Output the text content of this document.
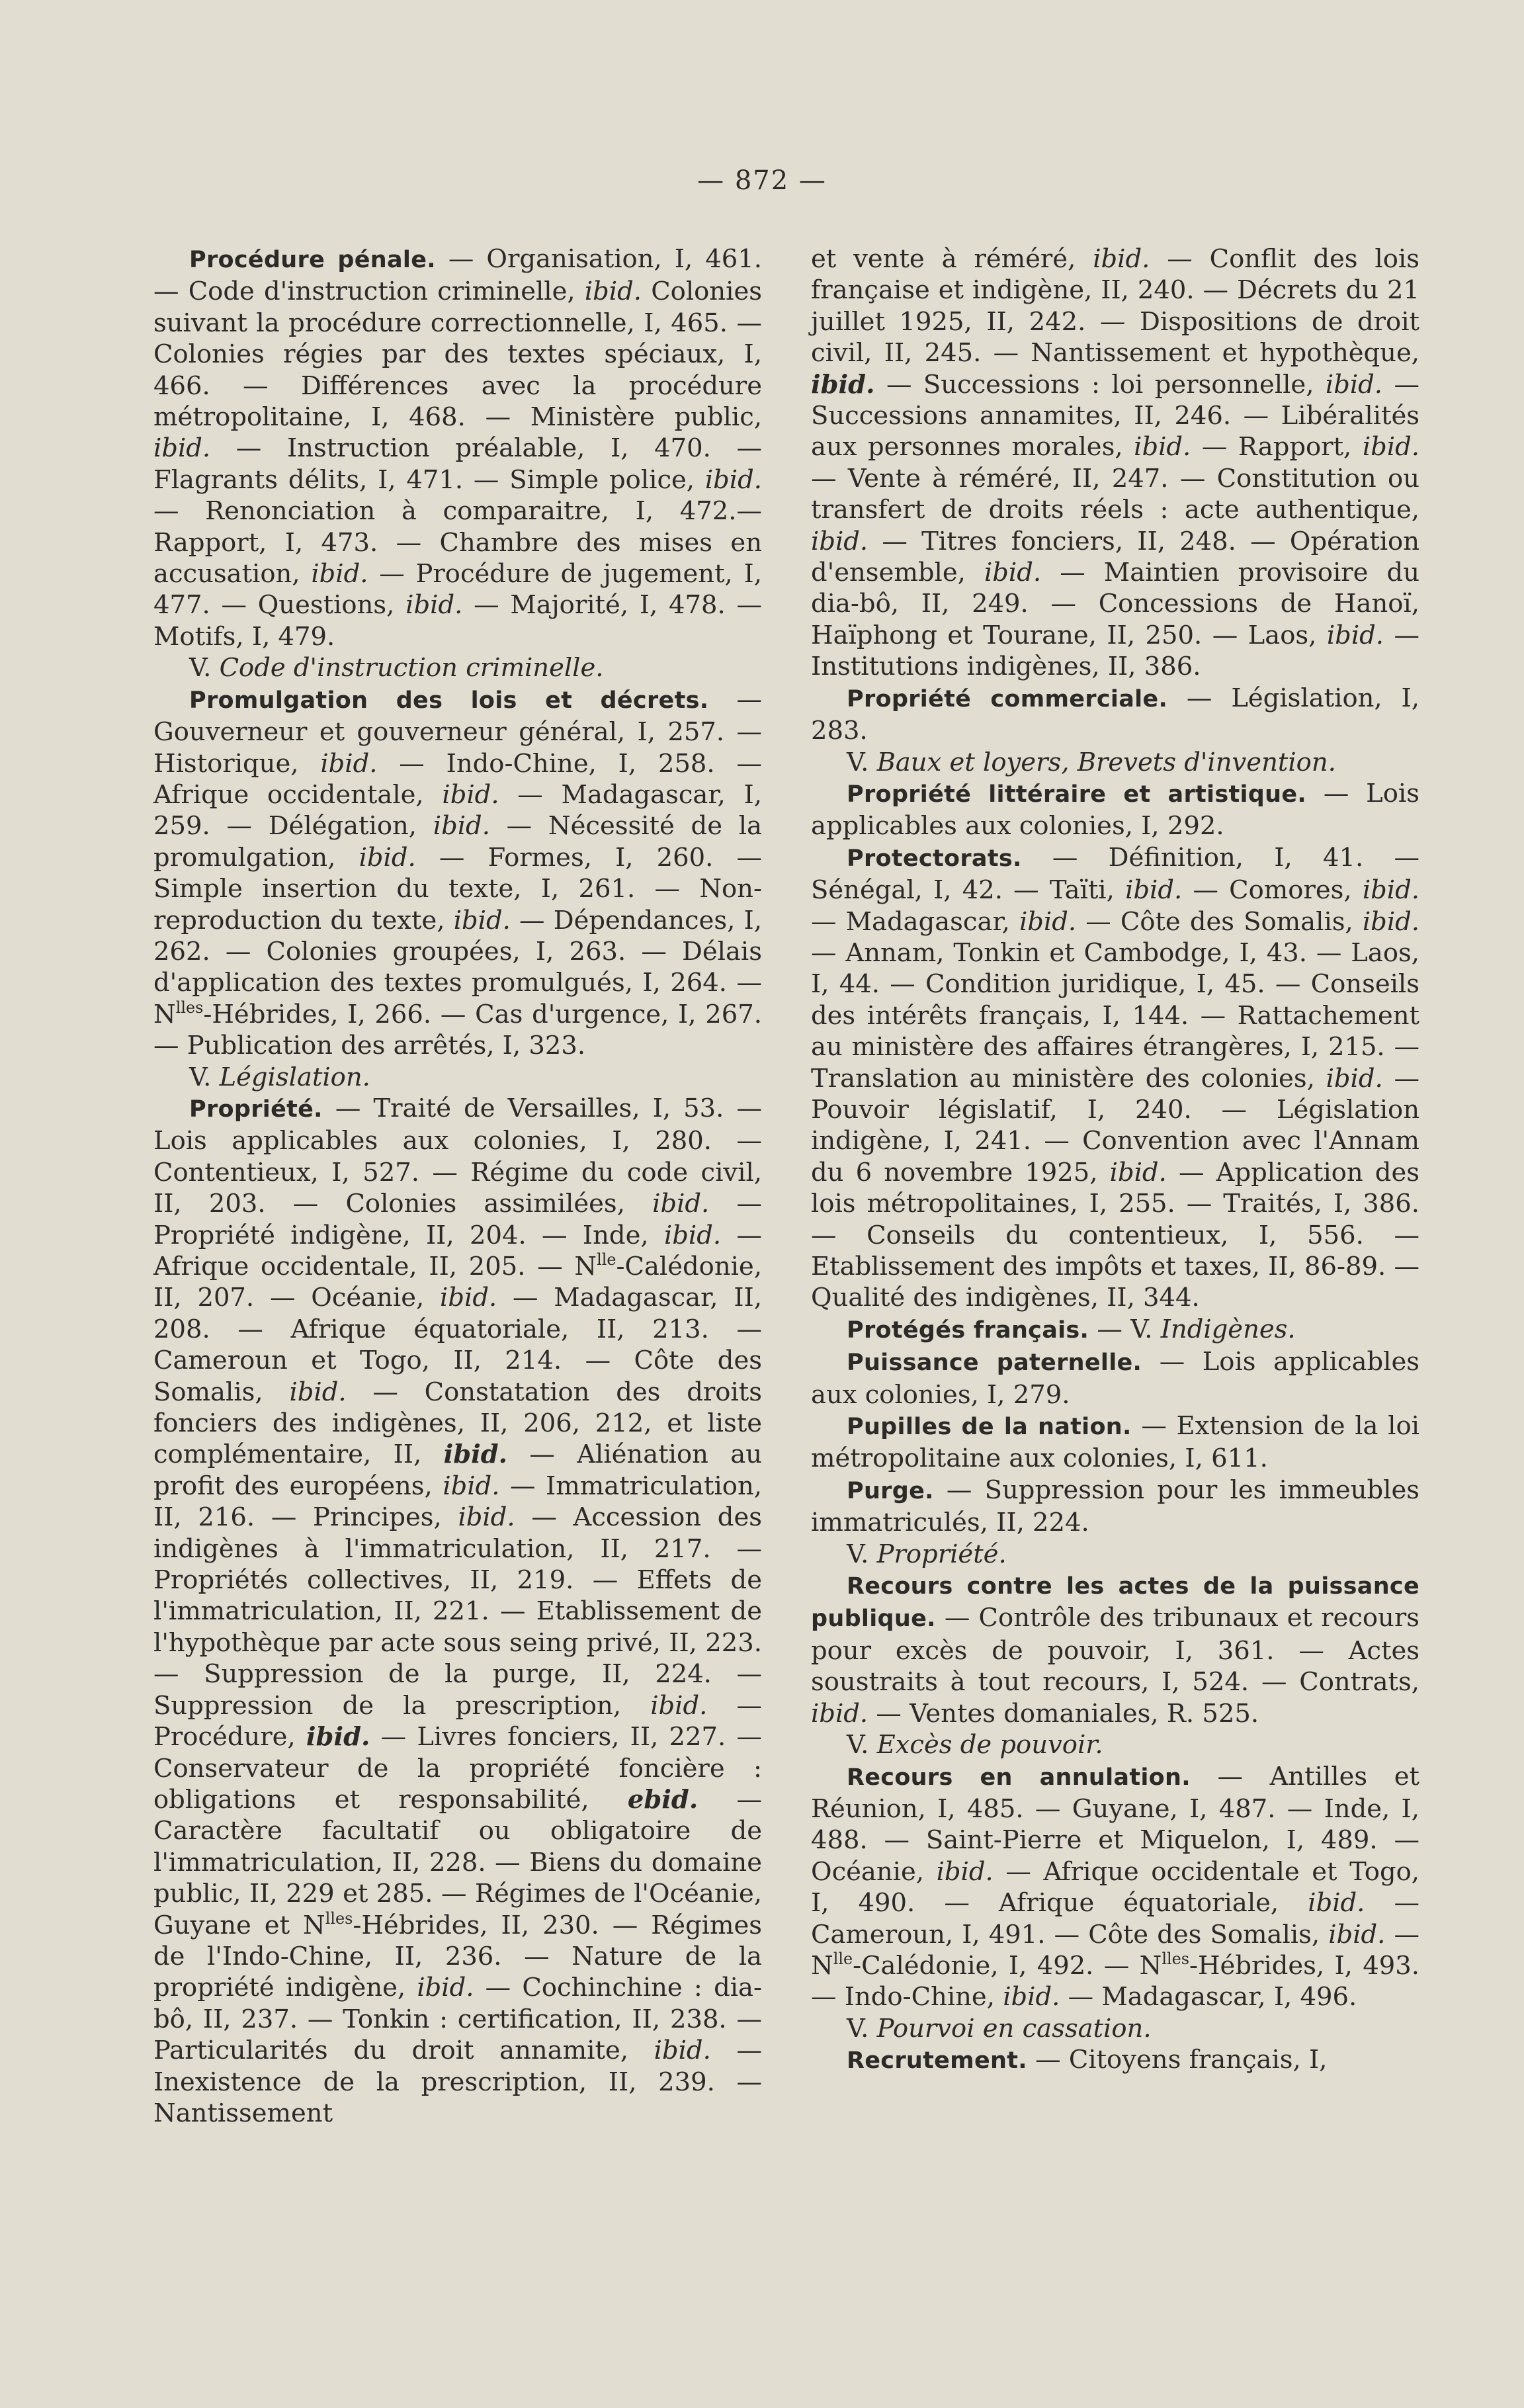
— 872 —

Procédure pénale. — Organisation, I, 461. — Code d'instruction criminelle, ibid. Colonies suivant la procédure correctionnelle, I, 465. — Colonies régies par des textes spéciaux, I, 466. — Différences avec la procédure métropolitaine, I, 468. — Ministère public, ibid. — Instruction préalable, I, 470. — Flagrants délits, I, 471. — Simple police, ibid. — Renonciation à comparaitre, I, 472.— Rapport, I, 473. — Chambre des mises en accusation, ibid. — Procédure de jugement, I, 477. — Questions, ibid. — Majorité, I, 478. — Motifs, I, 479.

V. Code d'instruction criminelle.

Promulgation des lois et décrets. — Gouverneur et gouverneur général, I, 257. — Historique, ibid. — Indo-Chine, I, 258. — Afrique occidentale, ibid. — Madagascar, I, 259. — Délégation, ibid. — Nécessité de la promulgation, ibid. — Formes, I, 260. — Simple insertion du texte, I, 261. — Non-reproduction du texte, ibid. — Dépendances, I, 262. — Colonies groupées, I, 263. — Délais d'application des textes promulgués, I, 264. — $N^{lles}$-Hébrides, I, 266. — Cas d'urgence, I, 267. — Publication des arrêtés, I, 323.

V. Législation.

Propriété. — Traité de Versailles, I, 53. — Lois applicables aux colonies, I, 280. — Contentieux, I, 527. — Régime du code civil, II, 203. — Colonies assimilées, ibid. — Propriété indigène, II, 204. — Inde, ibid. — Afrique occidentale, II, 205. — $N^{lle}$-Calédonie, II, 207. — Océanie, ibid. — Madagascar, II, 208. — Afrique équatoriale, II, 213. — Cameroun et Togo, II, 214. — Côte des Somalis, ibid. — Constatation des droits fonciers des indigènes, II, 206, 212, et liste complémentaire, II, ibid. — Aliénation au profit des européens, ibid. — Immatriculation, II, 216. — Principes, ibid. — Accession des indigènes à l'immatriculation, II, 217. — Propriétés collectives, II, 219. — Effets de l'immatriculation, II, 221. — Etablissement de l'hypothèque par acte sous seing privé, II, 223. — Suppression de la purge, II, 224. — Suppression de la prescription, ibid. — Procédure, ibid. — Livres fonciers, II, 227. — Conservateur de la propriété foncière : obligations et responsabilité, ebid. — Caractère facultatif ou obligatoire de l'immatriculation, II, 228. — Biens du domaine public, II, 229 et 285. — Régimes de l'Océanie, Guyane et $N^{lles}$-Hébrides, II, 230. — Régimes de l'Indo-Chine, II, 236. — Nature de la propriété indigène, ibid. — Cochinchine : dia-bô, II, 237. — Tonkin : certification, II, 238. — Particularités du droit annamite, ibid. — Inexistence de la prescription, II, 239. — Nantissement

et vente à réméré, ibid. — Conflit des lois française et indigène, II, 240. — Décrets du 21 juillet 1925, II, 242. — Dispositions de droit civil, II, 245. — Nantissement et hypothèque, ibid. — Successions : loi personnelle, ibid. — Successions annamites, II, 246. — Libéralités aux personnes morales, ibid. — Rapport, ibid. — Vente à réméré, II, 247. — Constitution ou transfert de droits réels : acte authentique, ibid. — Titres fonciers, II, 248. — Opération d'ensemble, ibid. — Maintien provisoire du dia-bô, II, 249. — Concessions de Hanoï, Haïphong et Tourane, II, 250. — Laos, ibid. — Institutions indigènes, II, 386.

Propriété commerciale. — Législation, I, 283.

V. Baux et loyers, Brevets d'invention.

Propriété littéraire et artistique. — Lois applicables aux colonies, I, 292.

Protectorats. — Définition, I, 41. — Sénégal, I, 42. — Taïti, ibid. — Comores, ibid. — Madagascar, ibid. — Côte des Somalis, ibid. — Annam, Tonkin et Cambodge, I, 43. — Laos, I, 44. — Condition juridique, I, 45. — Conseils des intérêts français, I, 144. — Rattachement au ministère des affaires étrangères, I, 215. — Translation au ministère des colonies, ibid. — Pouvoir législatif, I, 240. — Législation indigène, I, 241. — Convention avec l'Annam du 6 novembre 1925, ibid. — Application des lois métropolitaines, I, 255. — Traités, I, 386. — Conseils du contentieux, I, 556. — Etablissement des impôts et taxes, II, 86-89. — Qualité des indigènes, II, 344.

Protégés français. — V. Indigènes.

Puissance paternelle. — Lois applicables aux colonies, I, 279.

Pupilles de la nation. — Extension de la loi métropolitaine aux colonies, I, 611.

Purge. — Suppression pour les immeubles immatriculés, II, 224.

V. Propriété.

Recours contre les actes de la puissance publique. — Contrôle des tribunaux et recours pour excès de pouvoir, I, 361. — Actes soustraits à tout recours, I, 524. — Contrats, ibid. — Ventes domaniales, R. 525.

V. Excès de pouvoir.

Recours en annulation. — Antilles et Réunion, I, 485. — Guyane, I, 487. — Inde, I, 488. — Saint-Pierre et Miquelon, I, 489. — Océanie, ibid. — Afrique occidentale et Togo, I, 490. — Afrique équatoriale, ibid. — Cameroun, I, 491. — Côte des Somalis, ibid. — $N^{lle}$-Calédonie, I, 492. — $N^{lles}$-Hébrides, I, 493. — Indo-Chine, ibid. — Madagascar, I, 496.

V. Pourvoi en cassation.

Recrutement. — Citoyens français, I,
